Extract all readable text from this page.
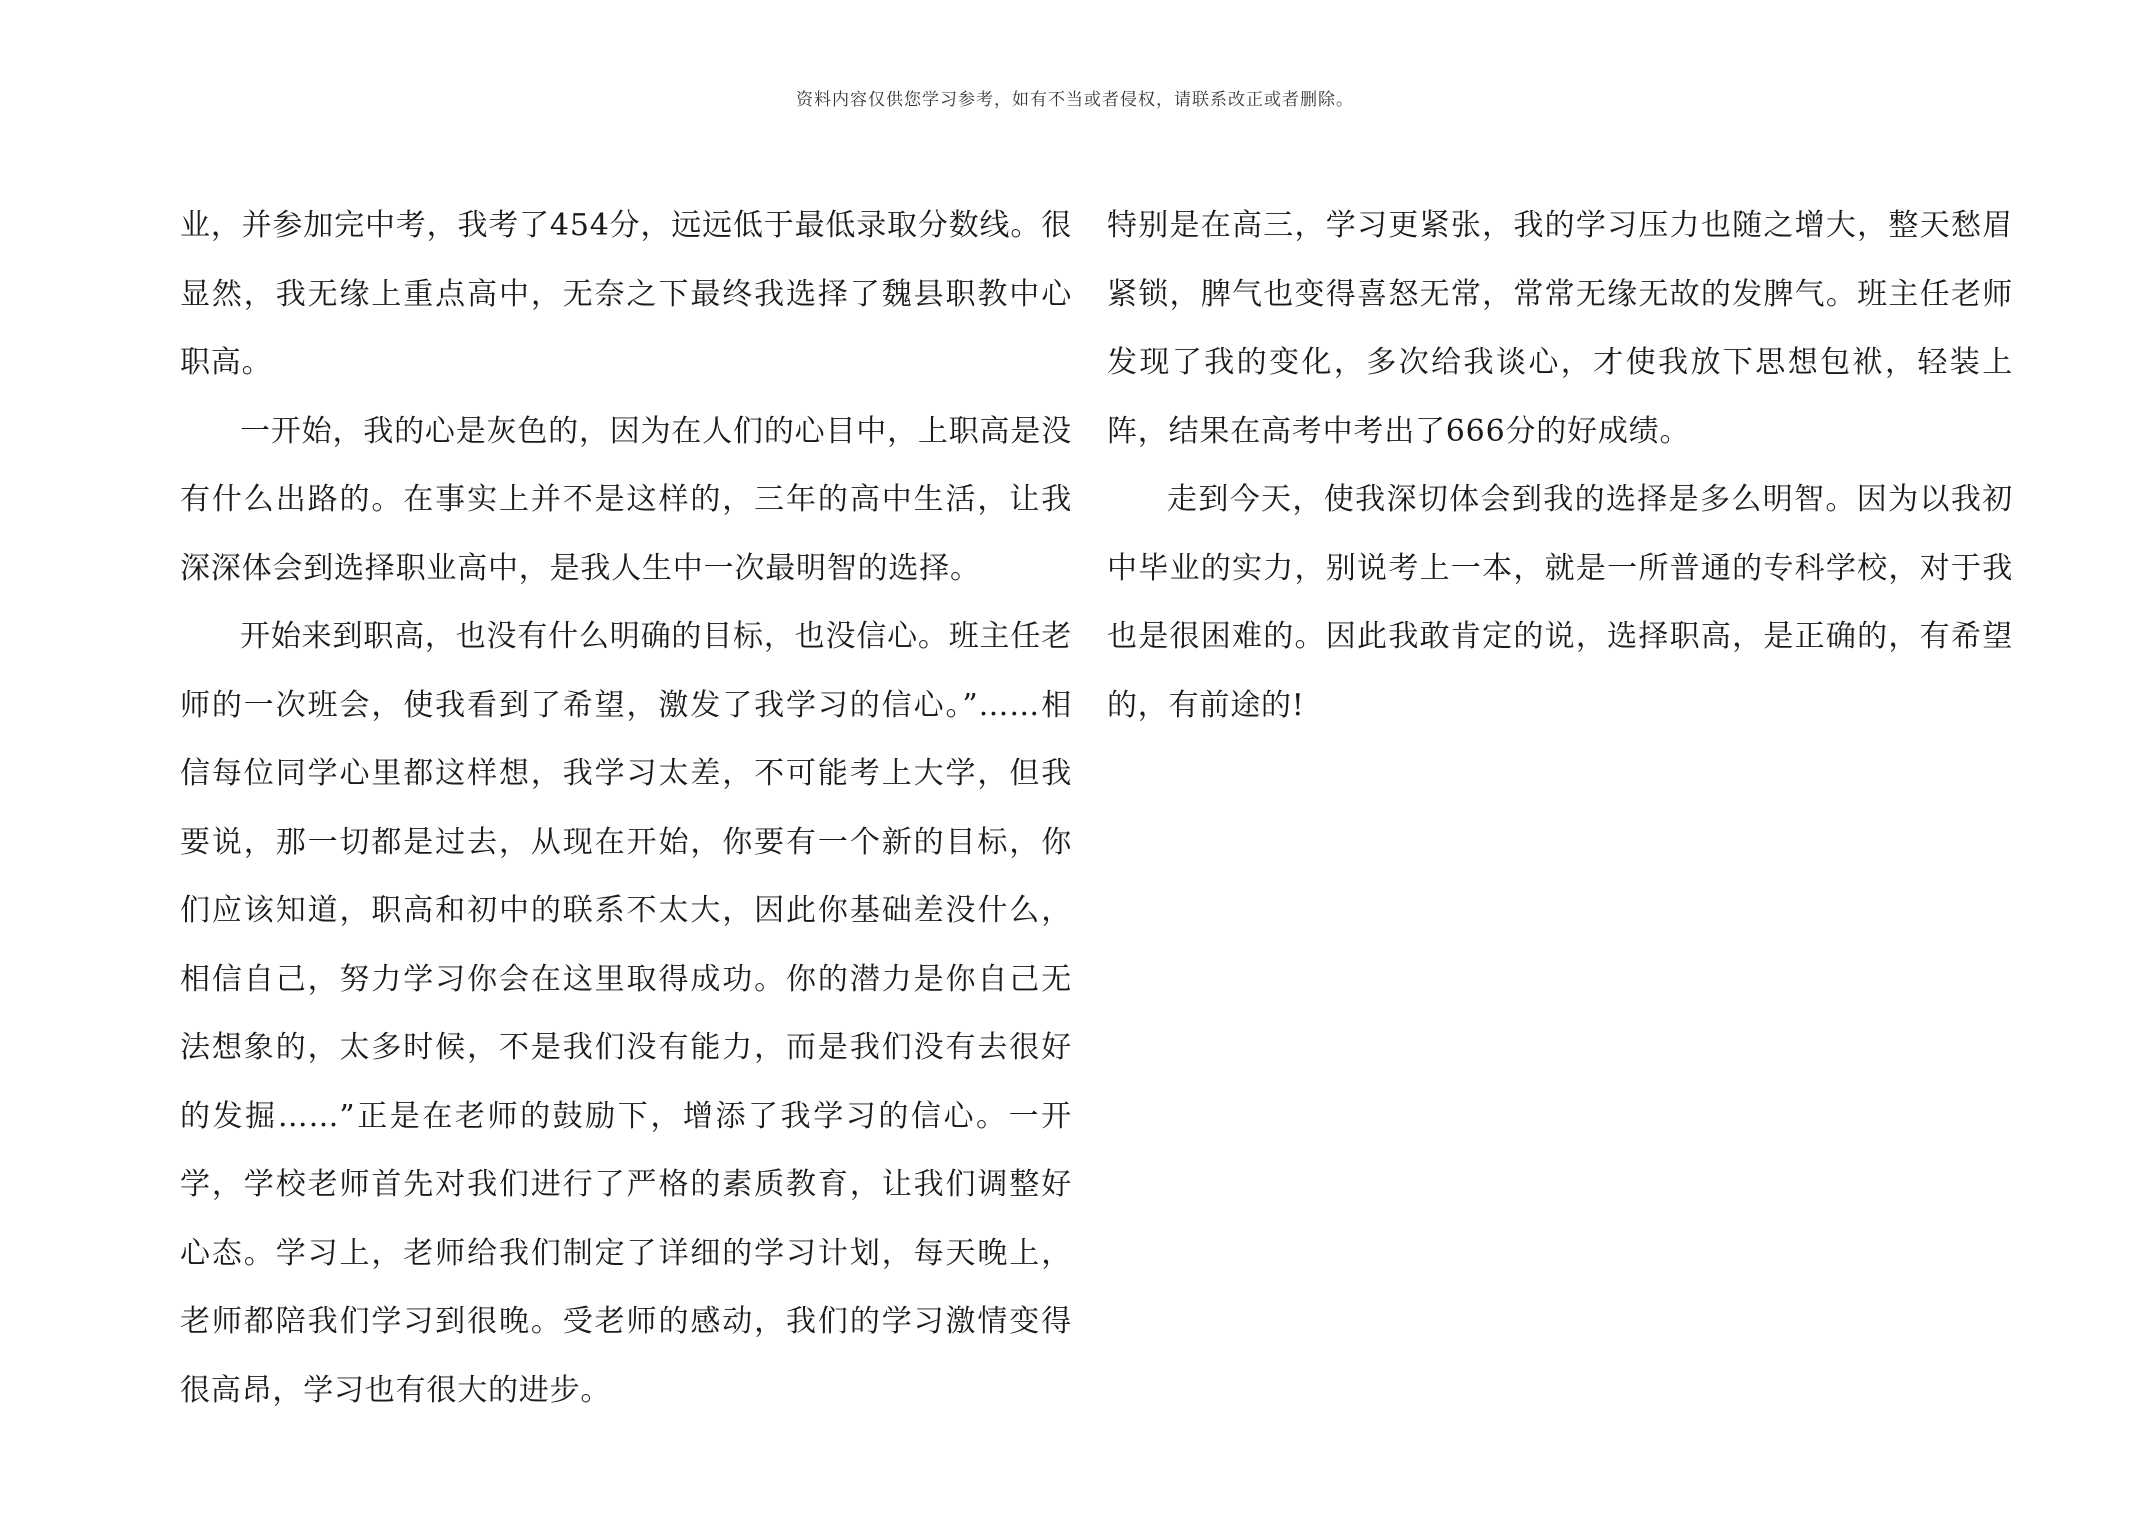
资料内容仅供您学习参考，如有不当或者侵权，请联系改正或者删除。

业，并参加完中考，我考了454分，远远低于最低录取分数线。很显然，我无缘上重点高中，无奈之下最终我选择了魏县职教中心职高。

一开始，我的心是灰色的，因为在人们的心目中，上职高是没有什么出路的。在事实上并不是这样的，三年的高中生活，让我深深体会到选择职业高中，是我人生中一次最明智的选择。

开始来到职高，也没有什么明确的目标，也没信心。班主任老师的一次班会，使我看到了希望，激发了我学习的信心。”……相信每位同学心里都这样想，我学习太差，不可能考上大学，但我要说，那一切都是过去，从现在开始，你要有一个新的目标，你们应该知道，职高和初中的联系不太大，因此你基础差没什么，相信自己，努力学习你会在这里取得成功。你的潜力是你自己无法想象的，太多时候，不是我们没有能力，而是我们没有去很好的发掘……”正是在老师的鼓励下，增添了我学习的信心。一开学，学校老师首先对我们进行了严格的素质教育，让我们调整好心态。学习上，老师给我们制定了详细的学习计划，每天晚上，老师都陪我们学习到很晚。受老师的感动，我们的学习激情变得很高昂，学习也有很大的进步。

特别是在高三，学习更紧张，我的学习压力也随之增大，整天愁眉紧锁，脾气也变得喜怒无常，常常无缘无故的发脾气。班主任老师发现了我的变化，多次给我谈心，才使我放下思想包袱，轻装上阵，结果在高考中考出了666分的好成绩。

走到今天，使我深切体会到我的选择是多么明智。因为以我初中毕业的实力，别说考上一本，就是一所普通的专科学校，对于我也是很困难的。因此我敢肯定的说，选择职高，是正确的，有希望的，有前途的!
